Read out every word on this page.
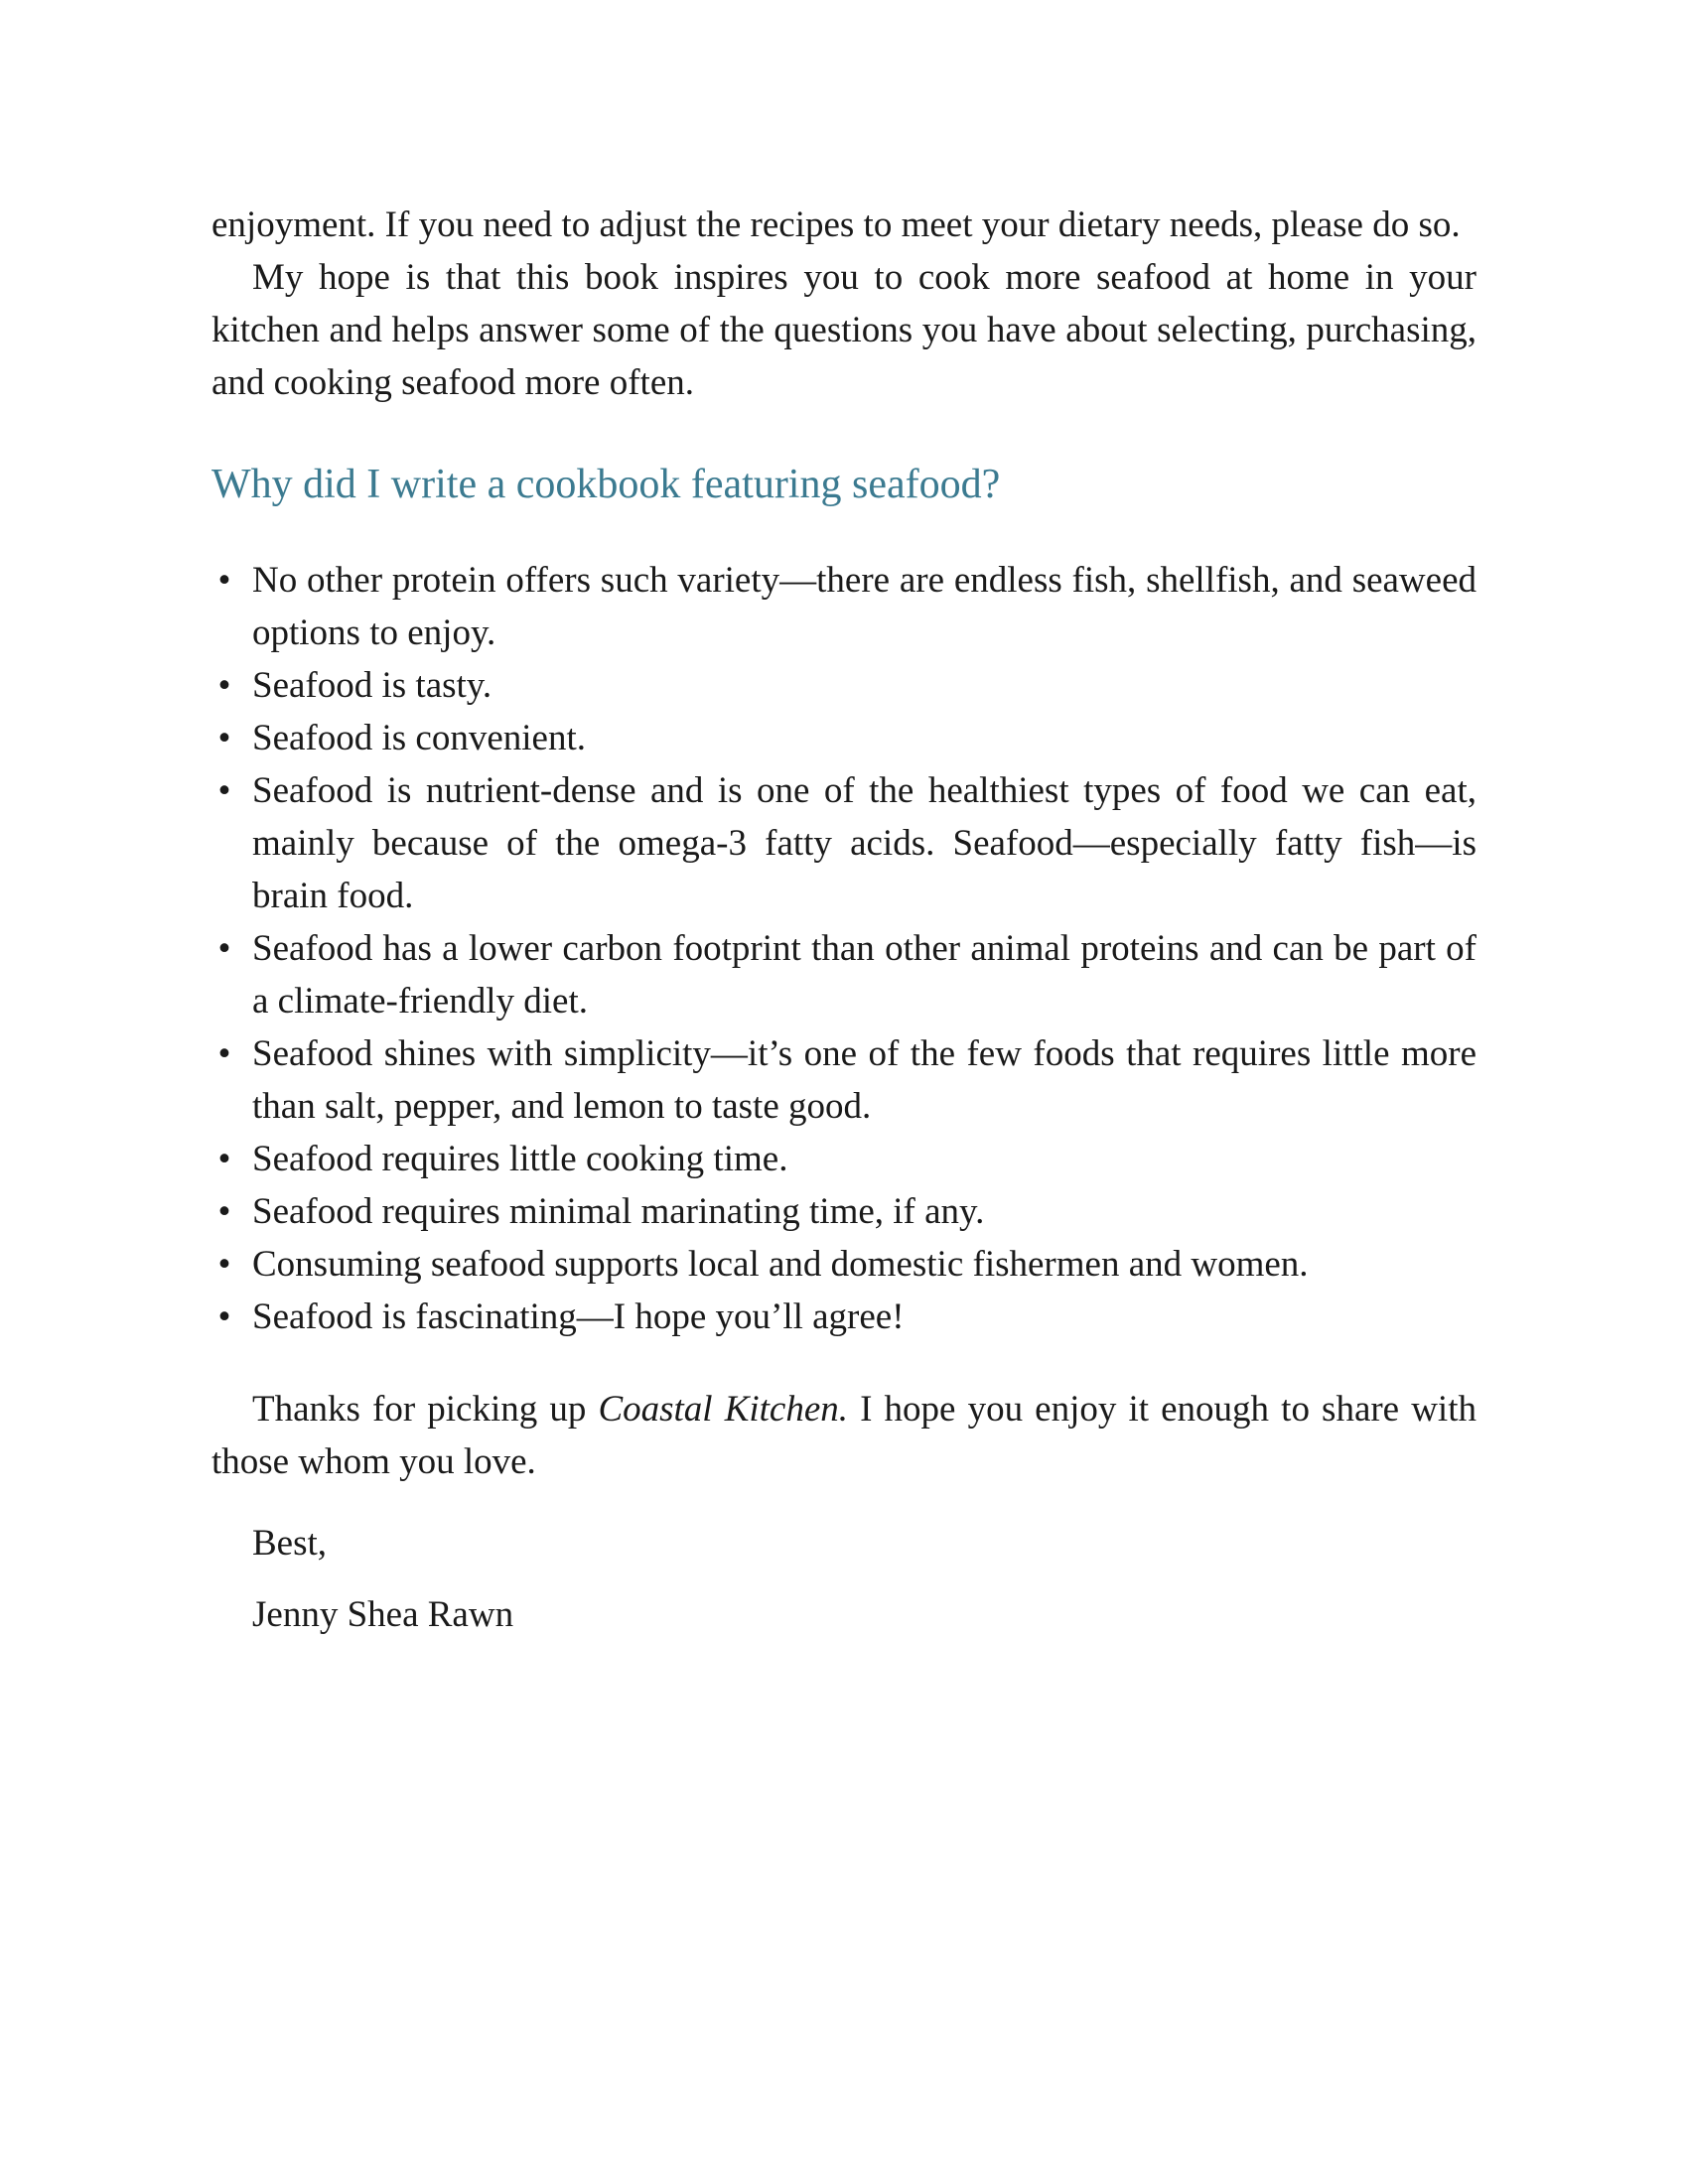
enjoyment. If you need to adjust the recipes to meet your dietary needs, please do so.

My hope is that this book inspires you to cook more seafood at home in your kitchen and helps answer some of the questions you have about selecting, purchasing, and cooking seafood more often.

Why did I write a cookbook featuring seafood?
• No other protein offers such variety—there are endless fish, shellfish, and seaweed options to enjoy.
• Seafood is tasty.
• Seafood is convenient.
• Seafood is nutrient-dense and is one of the healthiest types of food we can eat, mainly because of the omega-3 fatty acids. Seafood—especially fatty fish—is brain food.
• Seafood has a lower carbon footprint than other animal proteins and can be part of a climate-friendly diet.
• Seafood shines with simplicity—it’s one of the few foods that requires little more than salt, pepper, and lemon to taste good.
• Seafood requires little cooking time.
• Seafood requires minimal marinating time, if any.
• Consuming seafood supports local and domestic fishermen and women.
• Seafood is fascinating—I hope you’ll agree!

Thanks for picking up Coastal Kitchen. I hope you enjoy it enough to share with those whom you love.

Best,
Jenny Shea Rawn
